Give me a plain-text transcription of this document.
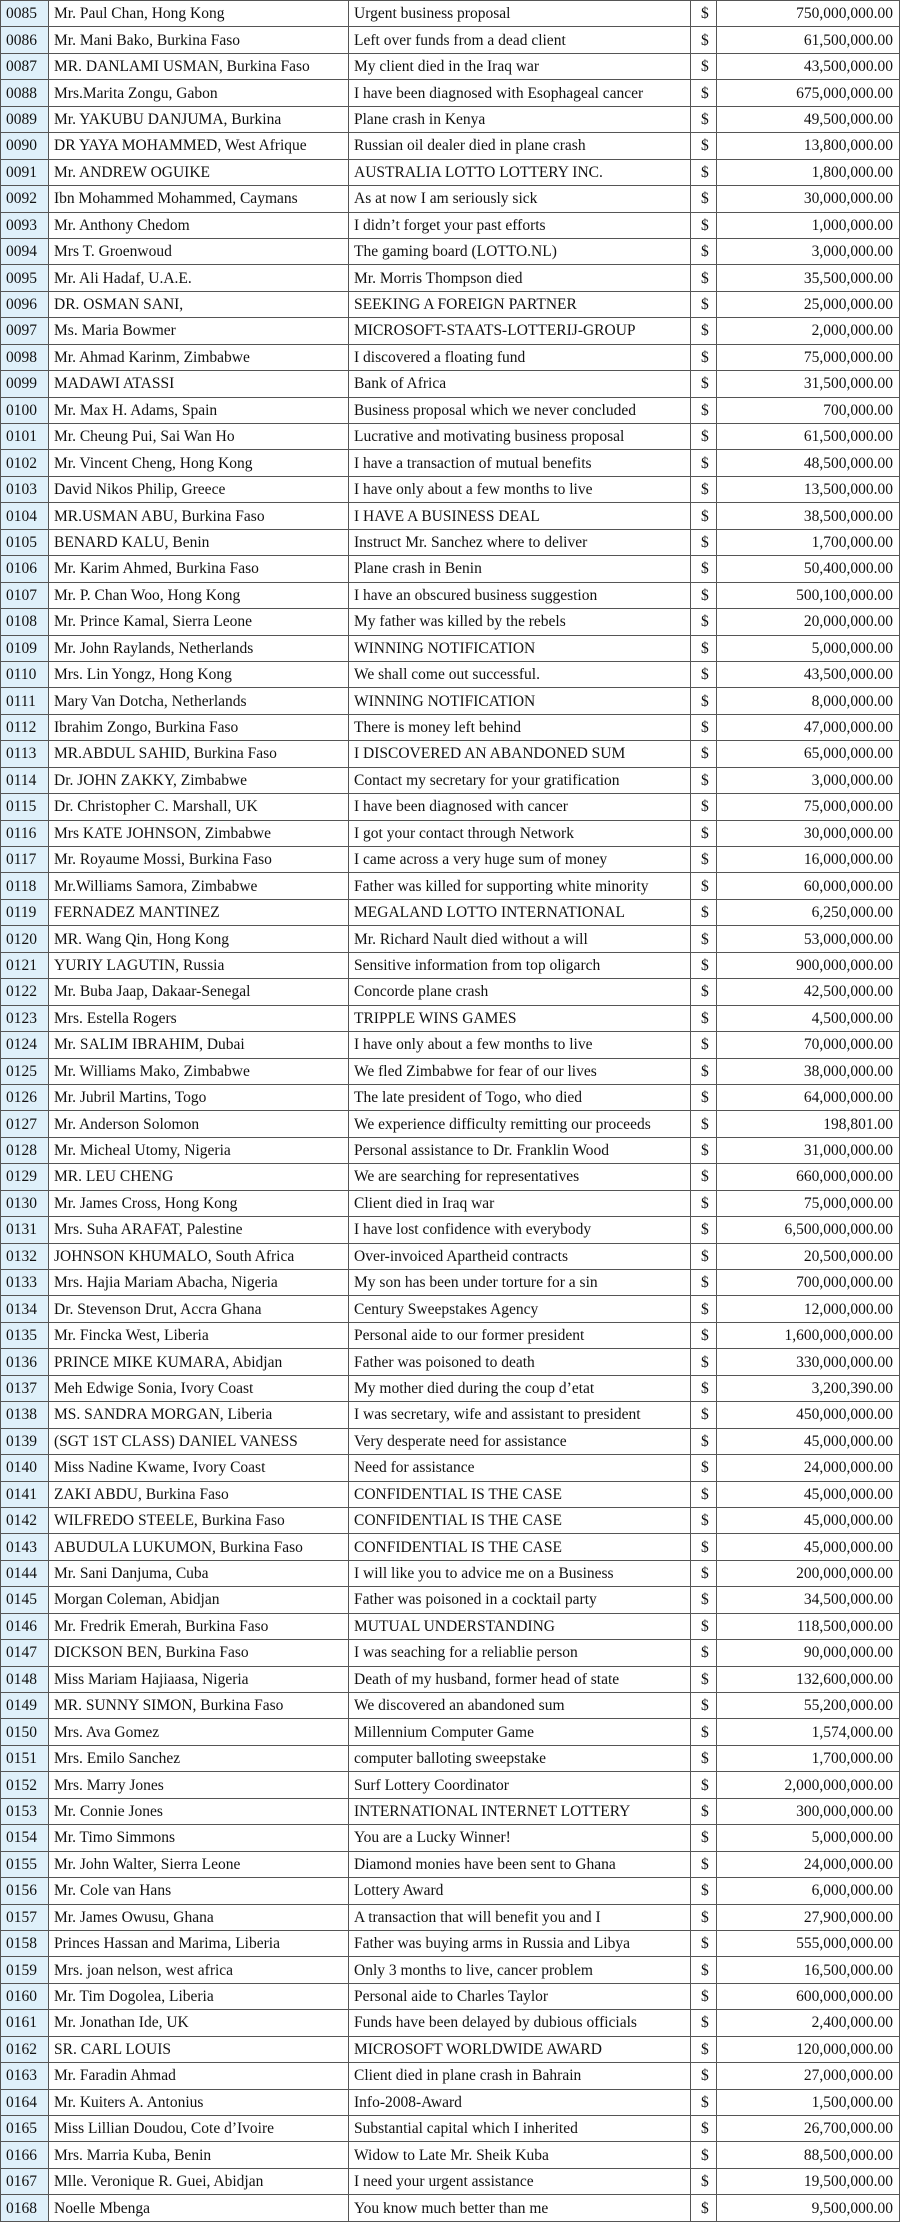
0085	Mr. Paul Chan, Hong Kong	Urgent business proposal	$	750,000,000.00
0086	Mr. Mani Bako, Burkina Faso	Left over funds from a dead client	$	61,500,000.00
0087	MR. DANLAMI USMAN, Burkina Faso	My client died in the Iraq war	$	43,500,000.00
0088	Mrs.Marita Zongu, Gabon	I have been diagnosed with Esophageal cancer	$	675,000,000.00
0089	Mr. YAKUBU DANJUMA, Burkina	Plane crash in Kenya	$	49,500,000.00
0090	DR YAYA MOHAMMED, West Afrique	Russian oil dealer died in plane crash	$	13,800,000.00
0091	Mr. ANDREW OGUIKE	AUSTRALIA LOTTO LOTTERY INC.	$	1,800,000.00
0092	Ibn Mohammed Mohammed, Caymans	As at now I am seriously sick	$	30,000,000.00
0093	Mr. Anthony Chedom	I didn’t forget your past efforts	$	1,000,000.00
0094	Mrs T. Groenwoud	The gaming board (LOTTO.NL)	$	3,000,000.00
0095	Mr. Ali Hadaf, U.A.E.	Mr. Morris Thompson died	$	35,500,000.00
0096	DR. OSMAN SANI,	SEEKING A FOREIGN PARTNER	$	25,000,000.00
0097	Ms. Maria Bowmer	MICROSOFT-STAATS-LOTTERIJ-GROUP	$	2,000,000.00
0098	Mr. Ahmad Karinm, Zimbabwe	I discovered a floating fund	$	75,000,000.00
0099	MADAWI ATASSI	Bank of Africa	$	31,500,000.00
0100	Mr. Max H. Adams, Spain	Business proposal which we never concluded	$	700,000.00
0101	Mr. Cheung Pui, Sai Wan Ho	Lucrative and motivating business proposal	$	61,500,000.00
0102	Mr. Vincent Cheng, Hong Kong	I have a transaction of mutual benefits	$	48,500,000.00
0103	David Nikos Philip, Greece	I have only about a few months to live	$	13,500,000.00
0104	MR.USMAN ABU, Burkina Faso	I HAVE A BUSINESS DEAL	$	38,500,000.00
0105	BENARD KALU, Benin	Instruct Mr. Sanchez where to deliver	$	1,700,000.00
0106	Mr. Karim Ahmed, Burkina Faso	Plane crash in Benin	$	50,400,000.00
0107	Mr. P. Chan Woo, Hong Kong	I have an obscured business suggestion	$	500,100,000.00
0108	Mr. Prince Kamal, Sierra Leone	My father was killed by the rebels	$	20,000,000.00
0109	Mr. John Raylands, Netherlands	WINNING NOTIFICATION	$	5,000,000.00
0110	Mrs. Lin Yongz, Hong Kong	We shall come out successful.	$	43,500,000.00
0111	Mary Van Dotcha, Netherlands	WINNING NOTIFICATION	$	8,000,000.00
0112	Ibrahim Zongo, Burkina Faso	There is money left behind	$	47,000,000.00
0113	MR.ABDUL SAHID, Burkina Faso	I DISCOVERED AN ABANDONED SUM	$	65,000,000.00
0114	Dr. JOHN ZAKKY, Zimbabwe	Contact my secretary for your gratification	$	3,000,000.00
0115	Dr. Christopher C. Marshall, UK	I have been diagnosed with cancer	$	75,000,000.00
0116	Mrs KATE JOHNSON, Zimbabwe	I got your contact through Network	$	30,000,000.00
0117	Mr. Royaume Mossi, Burkina Faso	I came across a very huge sum of money	$	16,000,000.00
0118	Mr.Williams Samora, Zimbabwe	Father was killed for supporting white minority	$	60,000,000.00
0119	FERNADEZ MANTINEZ	MEGALAND LOTTO INTERNATIONAL	$	6,250,000.00
0120	MR. Wang Qin, Hong Kong	Mr. Richard Nault died without a will	$	53,000,000.00
0121	YURIY LAGUTIN, Russia	Sensitive information from top oligarch	$	900,000,000.00
0122	Mr. Buba Jaap, Dakaar-Senegal	Concorde plane crash	$	42,500,000.00
0123	Mrs. Estella Rogers	TRIPPLE WINS GAMES	$	4,500,000.00
0124	Mr. SALIM IBRAHIM, Dubai	I have only about a few months to live	$	70,000,000.00
0125	Mr. Williams Mako, Zimbabwe	We fled Zimbabwe for fear of our lives	$	38,000,000.00
0126	Mr. Jubril Martins, Togo	The late president of Togo, who died	$	64,000,000.00
0127	Mr. Anderson Solomon	We experience difficulty remitting our proceeds	$	198,801.00
0128	Mr. Micheal Utomy, Nigeria	Personal assistance to Dr. Franklin Wood	$	31,000,000.00
0129	MR. LEU CHENG	We are searching for representatives	$	660,000,000.00
0130	Mr. James Cross, Hong Kong	Client died in Iraq war	$	75,000,000.00
0131	Mrs. Suha ARAFAT, Palestine	I have lost confidence with everybody	$	6,500,000,000.00
0132	JOHNSON KHUMALO, South Africa	Over-invoiced Apartheid contracts	$	20,500,000.00
0133	Mrs. Hajia Mariam Abacha, Nigeria	My son has been under torture for a sin	$	700,000,000.00
0134	Dr. Stevenson Drut, Accra Ghana	Century Sweepstakes Agency	$	12,000,000.00
0135	Mr. Fincka West, Liberia	Personal aide to our former president	$	1,600,000,000.00
0136	PRINCE MIKE KUMARA, Abidjan	Father was poisoned to death	$	330,000,000.00
0137	Meh Edwige Sonia, Ivory Coast	My mother died during the coup d’etat	$	3,200,390.00
0138	MS. SANDRA MORGAN, Liberia	I was secretary, wife and assistant to president	$	450,000,000.00
0139	(SGT 1ST CLASS) DANIEL VANESS	Very desperate need for assistance	$	45,000,000.00
0140	Miss Nadine Kwame, Ivory Coast	Need for assistance	$	24,000,000.00
0141	ZAKI ABDU, Burkina Faso	CONFIDENTIAL IS THE CASE	$	45,000,000.00
0142	WILFREDO STEELE, Burkina Faso	CONFIDENTIAL IS THE CASE	$	45,000,000.00
0143	ABUDULA LUKUMON, Burkina Faso	CONFIDENTIAL IS THE CASE	$	45,000,000.00
0144	Mr. Sani Danjuma, Cuba	I will like you to advice me on a Business	$	200,000,000.00
0145	Morgan Coleman, Abidjan	Father was poisoned in a cocktail party	$	34,500,000.00
0146	Mr. Fredrik Emerah, Burkina Faso	MUTUAL UNDERSTANDING	$	118,500,000.00
0147	DICKSON BEN, Burkina Faso	I was seaching for a reliablie person	$	90,000,000.00
0148	Miss Mariam Hajiaasa, Nigeria	Death of my husband, former head of state	$	132,600,000.00
0149	MR. SUNNY SIMON, Burkina Faso	We discovered an abandoned sum	$	55,200,000.00
0150	Mrs. Ava Gomez	Millennium Computer Game	$	1,574,000.00
0151	Mrs. Emilo Sanchez	computer balloting sweepstake	$	1,700,000.00
0152	Mrs. Marry Jones	Surf Lottery Coordinator	$	2,000,000,000.00
0153	Mr. Connie Jones	INTERNATIONAL INTERNET LOTTERY	$	300,000,000.00
0154	Mr. Timo Simmons	You are a Lucky Winner!	$	5,000,000.00
0155	Mr. John Walter, Sierra Leone	Diamond monies have been sent to Ghana	$	24,000,000.00
0156	Mr. Cole van Hans	Lottery Award	$	6,000,000.00
0157	Mr. James Owusu, Ghana	A transaction that will benefit you and I	$	27,900,000.00
0158	Princes Hassan and Marima, Liberia	Father was buying arms in Russia and Libya	$	555,000,000.00
0159	Mrs. joan nelson, west africa	Only 3 months to live, cancer problem	$	16,500,000.00
0160	Mr. Tim Dogolea, Liberia	Personal aide to Charles Taylor	$	600,000,000.00
0161	Mr. Jonathan Ide, UK	Funds have been delayed by dubious officials	$	2,400,000.00
0162	SR. CARL LOUIS	MICROSOFT WORLDWIDE AWARD	$	120,000,000.00
0163	Mr. Faradin Ahmad	Client died in plane crash in Bahrain	$	27,000,000.00
0164	Mr. Kuiters A. Antonius	Info-2008-Award	$	1,500,000.00
0165	Miss Lillian Doudou, Cote d’Ivoire	Substantial capital which I inherited	$	26,700,000.00
0166	Mrs. Marria Kuba, Benin	Widow to Late Mr. Sheik Kuba	$	88,500,000.00
0167	Mlle. Veronique R. Guei, Abidjan	I need your urgent assistance	$	19,500,000.00
0168	Noelle Mbenga	You know much better than me	$	9,500,000.00
